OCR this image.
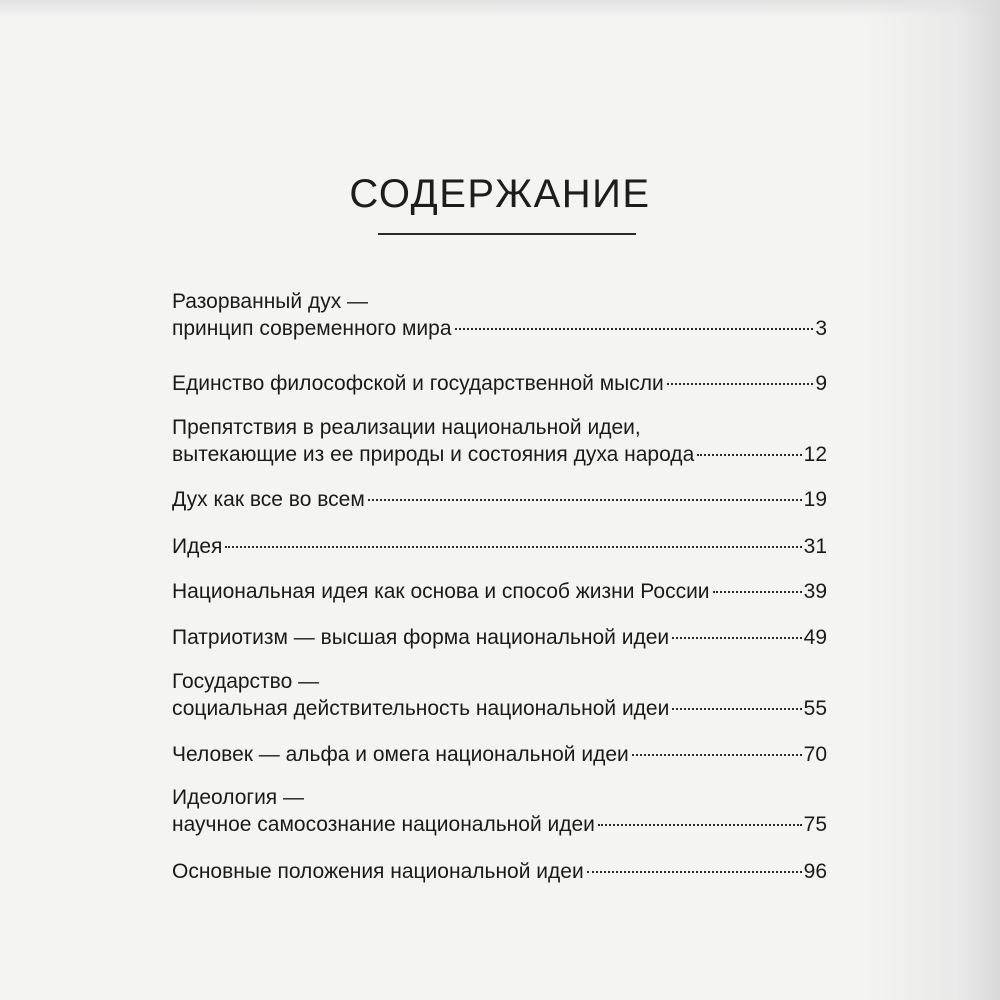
СОДЕРЖАНИЕ
Разорванный дух —
принцип современного мира	3
Единство философской и государственной мысли	9
Препятствия в реализации национальной идеи,
вытекающие из ее природы и состояния духа народа	12
Дух как все во всем	19
Идея	31
Национальная идея как основа и способ жизни России	39
Патриотизм — высшая форма национальной идеи	49
Государство —
социальная действительность национальной идеи	55
Человек — альфа и омега национальной идеи	70
Идеология —
научное самосознание национальной идеи	75
Основные положения национальной идеи	96
